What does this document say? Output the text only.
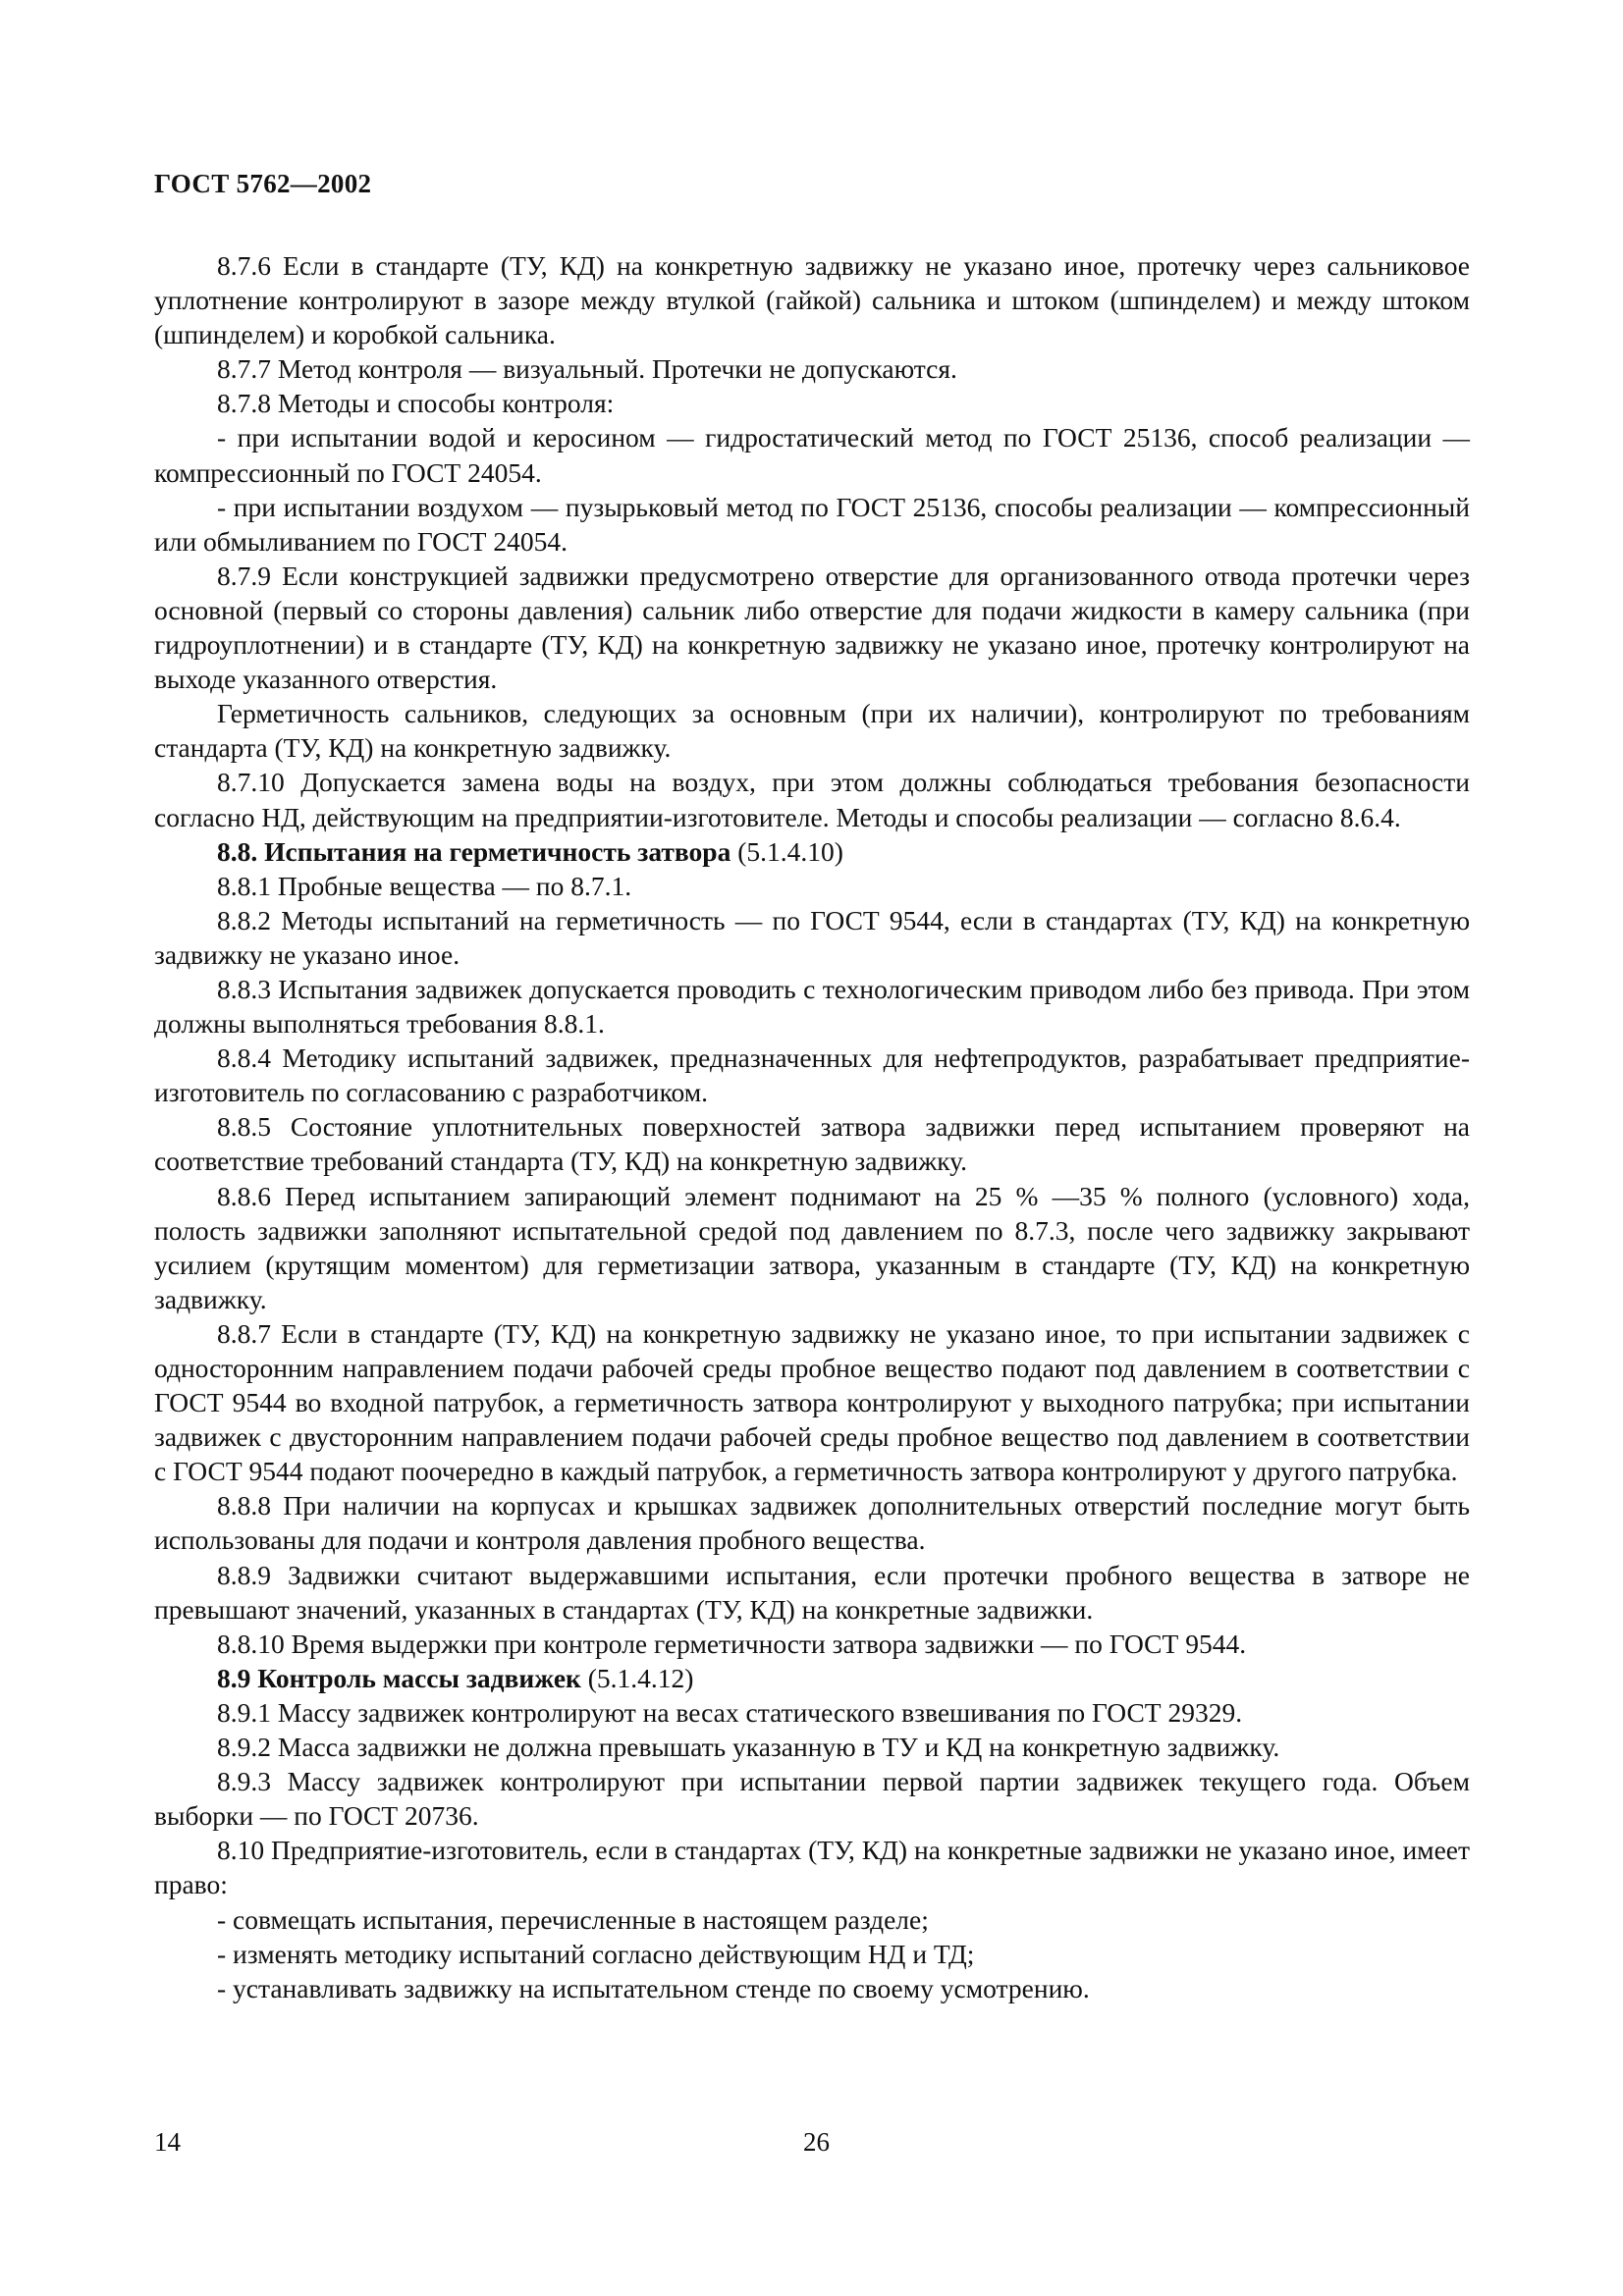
ГОСТ 5762—2002

8.7.6 Если в стандарте (ТУ, КД) на конкретную задвижку не указано иное, протечку через сальниковое уплотнение контролируют в зазоре между втулкой (гайкой) сальника и штоком (шпинделем) и между штоком (шпинделем) и коробкой сальника.

8.7.7 Метод контроля — визуальный. Протечки не допускаются.

8.7.8 Методы и способы контроля:

- при испытании водой и керосином — гидростатический метод по ГОСТ 25136, способ реализации — компрессионный по ГОСТ 24054.

- при испытании воздухом — пузырьковый метод по ГОСТ 25136, способы реализации — компрессионный или обмыливанием по ГОСТ 24054.

8.7.9 Если конструкцией задвижки предусмотрено отверстие для организованного отвода протечки через основной (первый со стороны давления) сальник либо отверстие для подачи жидкости в камеру сальника (при гидроуплотнении) и в стандарте (ТУ, КД) на конкретную задвижку не указано иное, протечку контролируют на выходе указанного отверстия.

Герметичность сальников, следующих за основным (при их наличии), контролируют по требованиям стандарта (ТУ, КД) на конкретную задвижку.

8.7.10 Допускается замена воды на воздух, при этом должны соблюдаться требования безопасности согласно НД, действующим на предприятии-изготовителе. Методы и способы реализации — согласно 8.6.4.

8.8. Испытания на герметичность затвора (5.1.4.10)

8.8.1 Пробные вещества — по 8.7.1.

8.8.2 Методы испытаний на герметичность — по ГОСТ 9544, если в стандартах (ТУ, КД) на конкретную задвижку не указано иное.

8.8.3 Испытания задвижек допускается проводить с технологическим приводом либо без привода. При этом должны выполняться требования 8.8.1.

8.8.4 Методику испытаний задвижек, предназначенных для нефтепродуктов, разрабатывает предприятие-изготовитель по согласованию с разработчиком.

8.8.5 Состояние уплотнительных поверхностей затвора задвижки перед испытанием проверяют на соответствие требований стандарта (ТУ, КД) на конкретную задвижку.

8.8.6 Перед испытанием запирающий элемент поднимают на 25 % —35 % полного (условного) хода, полость задвижки заполняют испытательной средой под давлением по 8.7.3, после чего задвижку закрывают усилием (крутящим моментом) для герметизации затвора, указанным в стандарте (ТУ, КД) на конкретную задвижку.

8.8.7 Если в стандарте (ТУ, КД) на конкретную задвижку не указано иное, то при испытании задвижек с односторонним направлением подачи рабочей среды пробное вещество подают под давлением в соответствии с ГОСТ 9544 во входной патрубок, а герметичность затвора контролируют у выходного патрубка; при испытании задвижек с двусторонним направлением подачи рабочей среды пробное вещество под давлением в соответствии с ГОСТ 9544 подают поочередно в каждый патрубок, а герметичность затвора контролируют у другого патрубка.

8.8.8 При наличии на корпусах и крышках задвижек дополнительных отверстий последние могут быть использованы для подачи и контроля давления пробного вещества.

8.8.9 Задвижки считают выдержавшими испытания, если протечки пробного вещества в затворе не превышают значений, указанных в стандартах (ТУ, КД) на конкретные задвижки.

8.8.10 Время выдержки при контроле герметичности затвора задвижки — по ГОСТ 9544.

8.9 Контроль массы задвижек (5.1.4.12)

8.9.1 Массу задвижек контролируют на весах статического взвешивания по ГОСТ 29329.

8.9.2 Масса задвижки не должна превышать указанную в ТУ и КД на конкретную задвижку.

8.9.3 Массу задвижек контролируют при испытании первой партии задвижек текущего года. Объем выборки — по ГОСТ 20736.

8.10 Предприятие-изготовитель, если в стандартах (ТУ, КД) на конкретные задвижки не указано иное, имеет право:

- совмещать испытания, перечисленные в настоящем разделе;

- изменять методику испытаний согласно действующим НД и ТД;

- устанавливать задвижку на испытательном стенде по своему усмотрению.

14	26
